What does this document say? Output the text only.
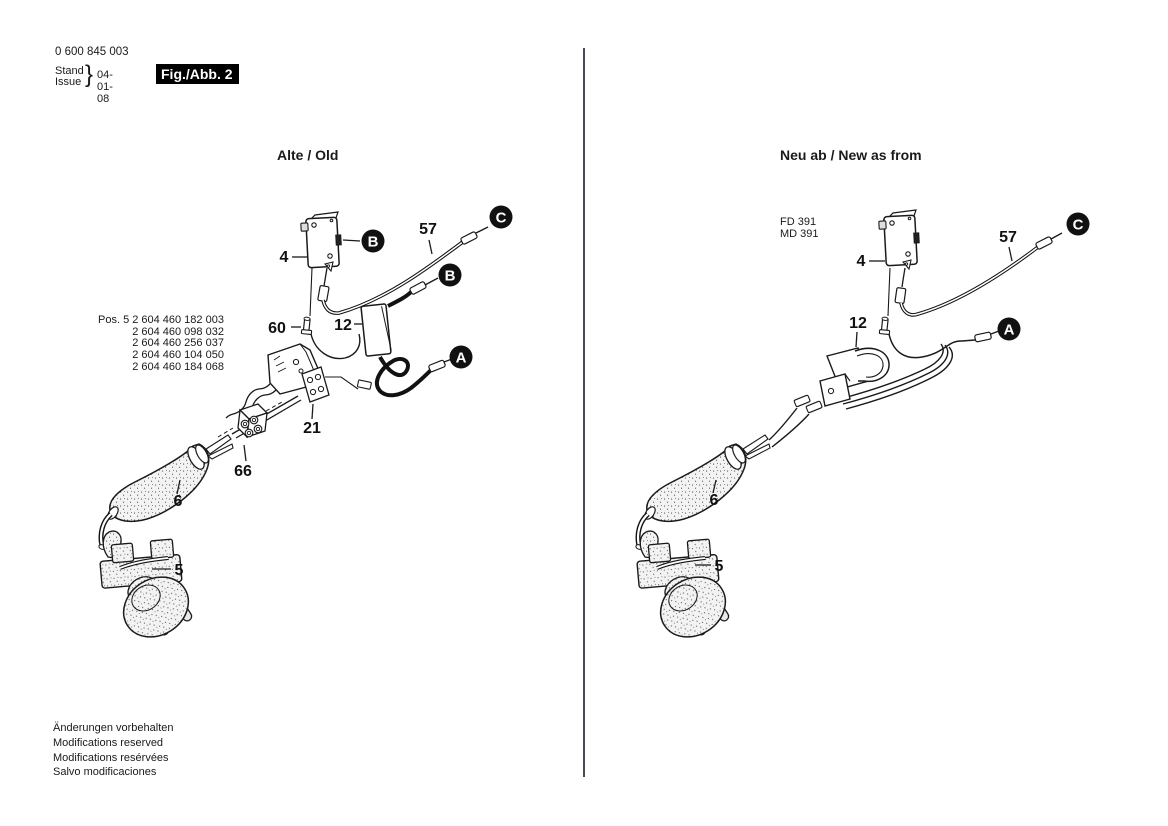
4
57
60	12
21
66
6
5
B
B
C
A
4
57
12
6
5
C
A
0 600 845 003
Stand
Issue } 04-01-08
Fig./Abb. 2
Alte / Old	Neu ab / New as from
FD 391
MD 391
Pos. 5 2 604 460 182 003
2 604 460 098 032
2 604 460 256 037
2 604 460 104 050
2 604 460 184 068
Änderungen vorbehalten
Modifications reserved
Modifications resérvées
Salvo modificaciones
